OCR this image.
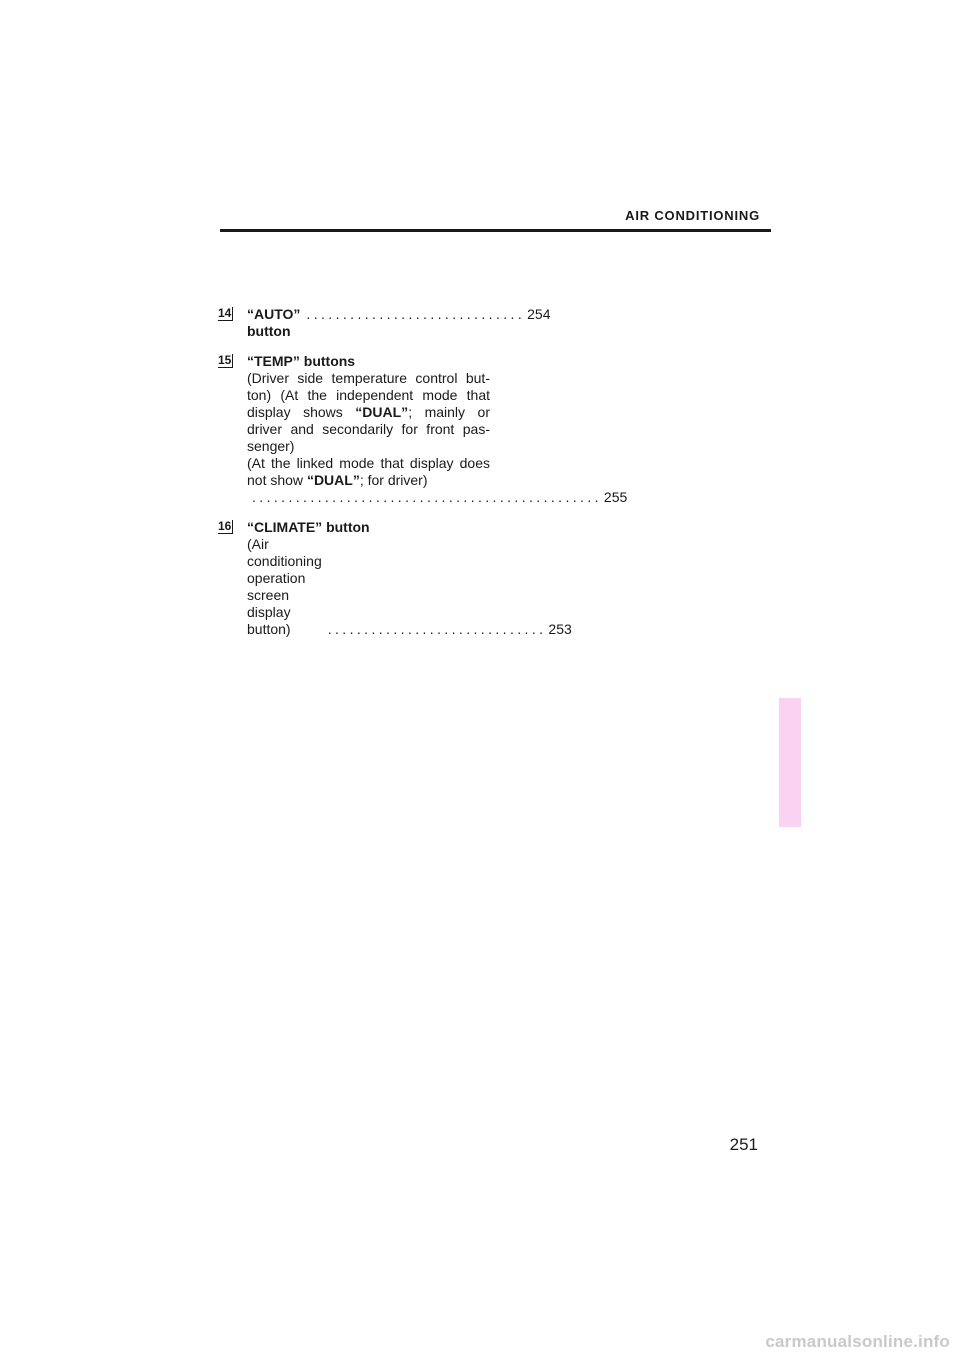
AIR CONDITIONING
14 “AUTO” button
.............................. 254
15 “TEMP” buttons
(Driver side temperature control but-ton) (At the independent mode that display shows “DUAL”; mainly or driver and secondarily for front pas-senger)
(At the linked mode that display does not show “DUAL”; for driver)
................................................ 255
16 “CLIMATE” button
(Air conditioning operation screen display button)	.............................. 253
251
carmanualsonline.info
